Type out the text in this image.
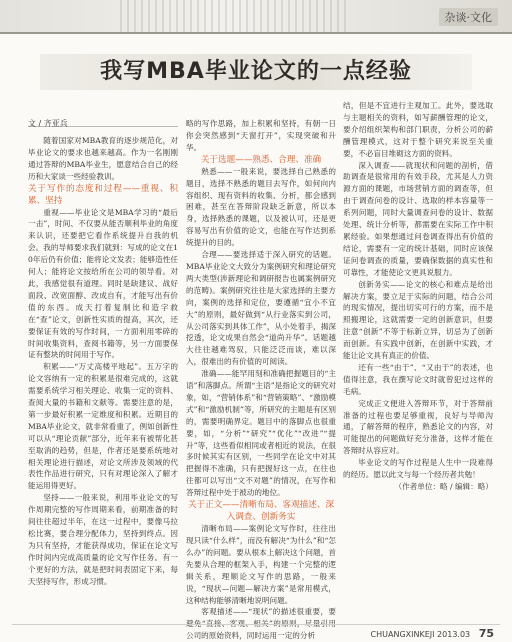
杂谈·文化
我写MBA毕业论文的一点经验

文 / 齐亚兵

随着国家对MBA教育的逐步规范化，对毕业论文的要求也越来越高。作为一名刚刚通过答辩的MBA毕业生，愿意结合自己的经历和大家谈一些经验教训。

关于写作的态度和过程——重视、积累、坚持

重视——毕业论文是MBA学习的“最后一击”，时间、不仅要从能否顺利毕业的角度来认识，还要把它看作系统提升自我的机会。我的导师要求我们就到：写成的论文在10年后仍有价值；能将论文发表；能够造性任何人；能将论文按给所在公司的领导看。对此，我感觉很有道理。同时是缺建议、战好面段、改宽面醇、改成自有，才能写出有价值的东西。成天打着复制比和造字救在“查”论文，创新性实质的提高，其次，还要保证有效的写作时间，一方面利用零碎的时间收集资料，查阅书籍等，另一方面要保证有整块的时间用于写作。

积累——“万丈高楼平地起”。五万字的论文容纳有一定的积累是很难完成的，这就需要系统学习相关理论、收集一定的资料、查阅大量的书籍和文献等。需要注意的是，第一步最好积累一定维度和积累。近期目的MBA毕业论文，就非常看重了，例如创新性可以从“理论贡献”部分，近年来有被帮化甚至取消的趋势，但是，作者还是要系统地对相关理论进行描述，对论文所涉及领域的代表性作品进行研究，只有对理论深入了解才能运用得更好。

坚持——一般来说，利用毕业论文的写作周期完整的写作周期来看，前期准备的时间往往超过半年，在这一过程中，要像马拉松比赛，要合理分配体力，坚持到终点。因为只有坚持，才能获得成功，保证在论文写作时间内完成高质量的论文写作任务。有一个更好的方法，就是把时间表固定下来，每天坚持写作，形成习惯。

略的写作思路，加上积累和坚持，有朝一日你会突然感到“天窗打开”，实现突破和升华。

关于选题——熟悉、合理、准确

熟悉——一般来说，要选择自己熟悉的题目，选择不熟悉的题目去写作，如何向内容组织、现有资料的收集、分析，都会感到困难，甚至在答辩阶段缺乏新意，所以本身，选择熟悉的课题，以及被认可，还是更容易写出有价值的论文，也能在写作达到系统提升的目的。

合理——要选择适于深入研究的话题。MBA毕业论文大致分为案例研究和理论研究两大类型(涉新理论和调研报告也属案例研究的范畴)。案例研究往往是大家选择的主要方向，案例的选择和定位，要遵循“宜小不宜大”的原则，最好做到“从行业落实到公司，从公司落实到具体工作”，从小处着手，揭深挖透，论文成果自然会“道尚升华”。话题越大往往越难驾驭，只能泛泛而谈，难以深入，很难出的有价值的可阅读。

准确——能罕用刻和准确把握题目的“主语”和落脚点。所谓“主语”是指论文的研究对象，如，“营销体系”和“营销策略”、“激励模式”和“激励机制”等，所研究的主题是有区别的，需要明确界定。题目中的落脚点也很重要，如，“分析”“研究”“优化”“改进”“提升”等，这些看似相同或者相近的说法，在很多时候其实有区别，一些同学在论文中对其把握得不准确，只有把握好这一点，在往也往都可以写出“文不对题”的情况，在写作和答辩过程中处于被动的地位。

关于正文——清晰布局、客观描述、深入调查、创新务实

清晰布局——案例论文写作时，往往出现只读“什么样”，而没有解决“为什么”和“怎么办”的问题。要从根本上解决这个问题，首先要从合理的框架入手，构建一个完整的逻辑关系，理顺论文写作的思路，一般来说，“现状—问题—解决方案”是常用模式，这种结构能够清晰地说明问题。

客观描述——“现状”的描述很重要，要 公司的原始资料，同时运用一定的分析

结，但是不宜进行主观加工。此外，要选取与主题相关的资料，如写薪酬管理的论文，要介绍组织架构和部门职责，分析公司的薪酬管理模式，这对于整个研究来说至关重要，不必盲目堆砌这方面的资料。

深入调查——就现状和问题的剖析，借助调查是很常用的有效手段，尤其是人力资源方面的课题，市场营销方面的调查等，但由于调查问卷的设计、选取的样本容量等一系列问题，同时大量调查问卷的设计、数据处理、统计分析等，都需要在实际工作中积累经验。如果想通过问卷调查得出有价值的结论，需要有一定的统计基础，同时应该保证问卷调查的质量，要确保数据的真实性和可靠性，才能使论文更具说服力。

创新务实——论文的核心和难点是给出解决方案，要立足于实际的问题，结合公司的现实情况，提出切实可行的方案，而不是照搬理论，这就需要一定的创新意识，但要注意“创新”不等于标新立异，切忌为了创新而创新。有实践中创新，在创新中实践，才能让论文具有真正的价值。

还有一些“由于”、“又由于”的表述，也值得注意，我在撰写论文时就曾犯过这样的毛病。

完成正文便进入答辩环节，对于答辩前准备的过程也要足够重视，良好与导师沟通，了解答辩的程序，熟悉论文的内容，对可能提出的问题做好充分准备，这样才能在答辩时从容应对。

毕业论文的写作过程是人生中一段难得的经历。愿以此文与每一个经历者共勉！

（作者单位：略 / 编辑：略）

CHUANGXINKEJI 2013.03 75
